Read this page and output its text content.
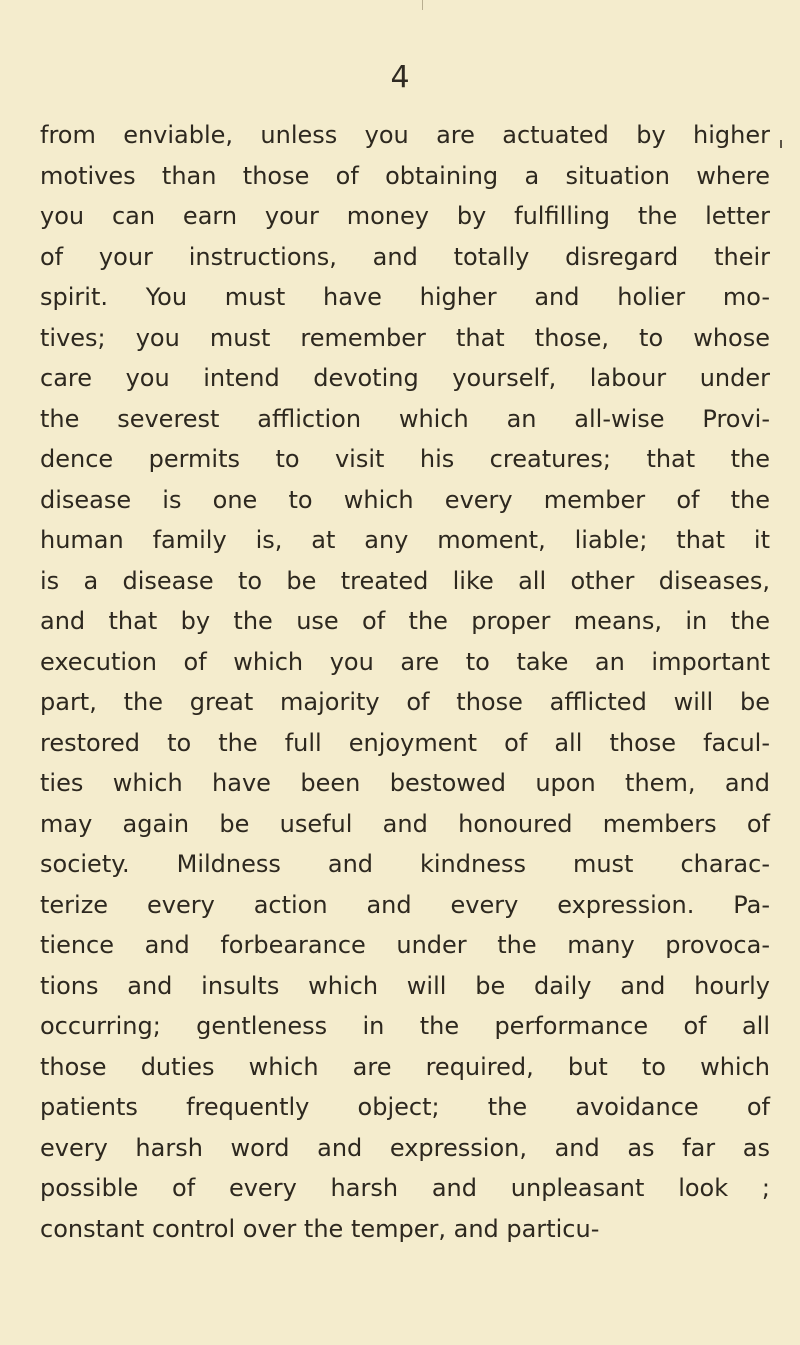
4
from enviable, unless you are actuated by higher
motives than those of obtaining a situation where
you can earn your money by fulfilling the letter
of your instructions, and totally disregard their
spirit. You must have higher and holier mo-
tives; you must remember that those, to whose
care you intend devoting yourself, labour under
the severest affliction which an all-wise Provi-
dence permits to visit his creatures; that the
disease is one to which every member of the
human family is, at any moment, liable; that it
is a disease to be treated like all other diseases,
and that by the use of the proper means, in the
execution of which you are to take an important
part, the great majority of those afflicted will be
restored to the full enjoyment of all those facul-
ties which have been bestowed upon them, and
may again be useful and honoured members of
society. Mildness and kindness must charac-
terize every action and every expression. Pa-
tience and forbearance under the many provoca-
tions and insults which will be daily and hourly
occurring; gentleness in the performance of all
those duties which are required, but to which
patients frequently object; the avoidance of
every harsh word and expression, and as far as
possible of every harsh and unpleasant look ;
constant control over the temper, and particu-
